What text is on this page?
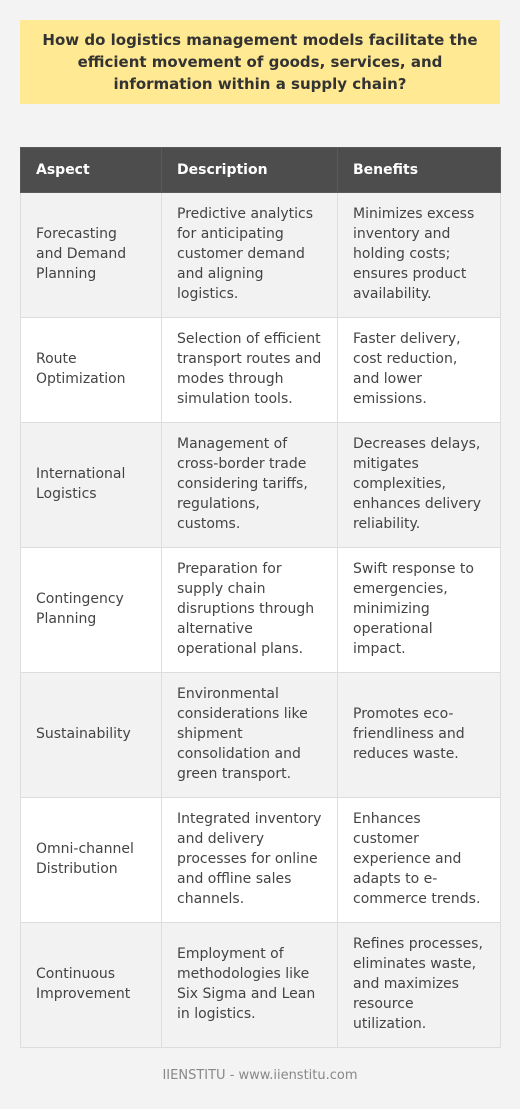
How do logistics management models facilitate the efficient movement of goods, services, and information within a supply chain?
Aspect	Description	Benefits
Forecasting and Demand Planning	Predictive analytics for anticipating customer demand and aligning logistics.	Minimizes excess inventory and holding costs; ensures product availability.
Route Optimization	Selection of efficient transport routes and modes through simulation tools.	Faster delivery, cost reduction, and lower emissions.
International Logistics	Management of cross-border trade considering tariffs, regulations, customs.	Decreases delays, mitigates complexities, enhances delivery reliability.
Contingency Planning	Preparation for supply chain disruptions through alternative operational plans.	Swift response to emergencies, minimizing operational impact.
Sustainability	Environmental considerations like shipment consolidation and green transport.	Promotes eco-friendliness and reduces waste.
Omni-channel Distribution	Integrated inventory and delivery processes for online and offline sales channels.	Enhances customer experience and adapts to e-commerce trends.
Continuous Improvement	Employment of methodologies like Six Sigma and Lean in logistics.	Refines processes, eliminates waste, and maximizes resource utilization.
IIENSTITU - www.iienstitu.com
